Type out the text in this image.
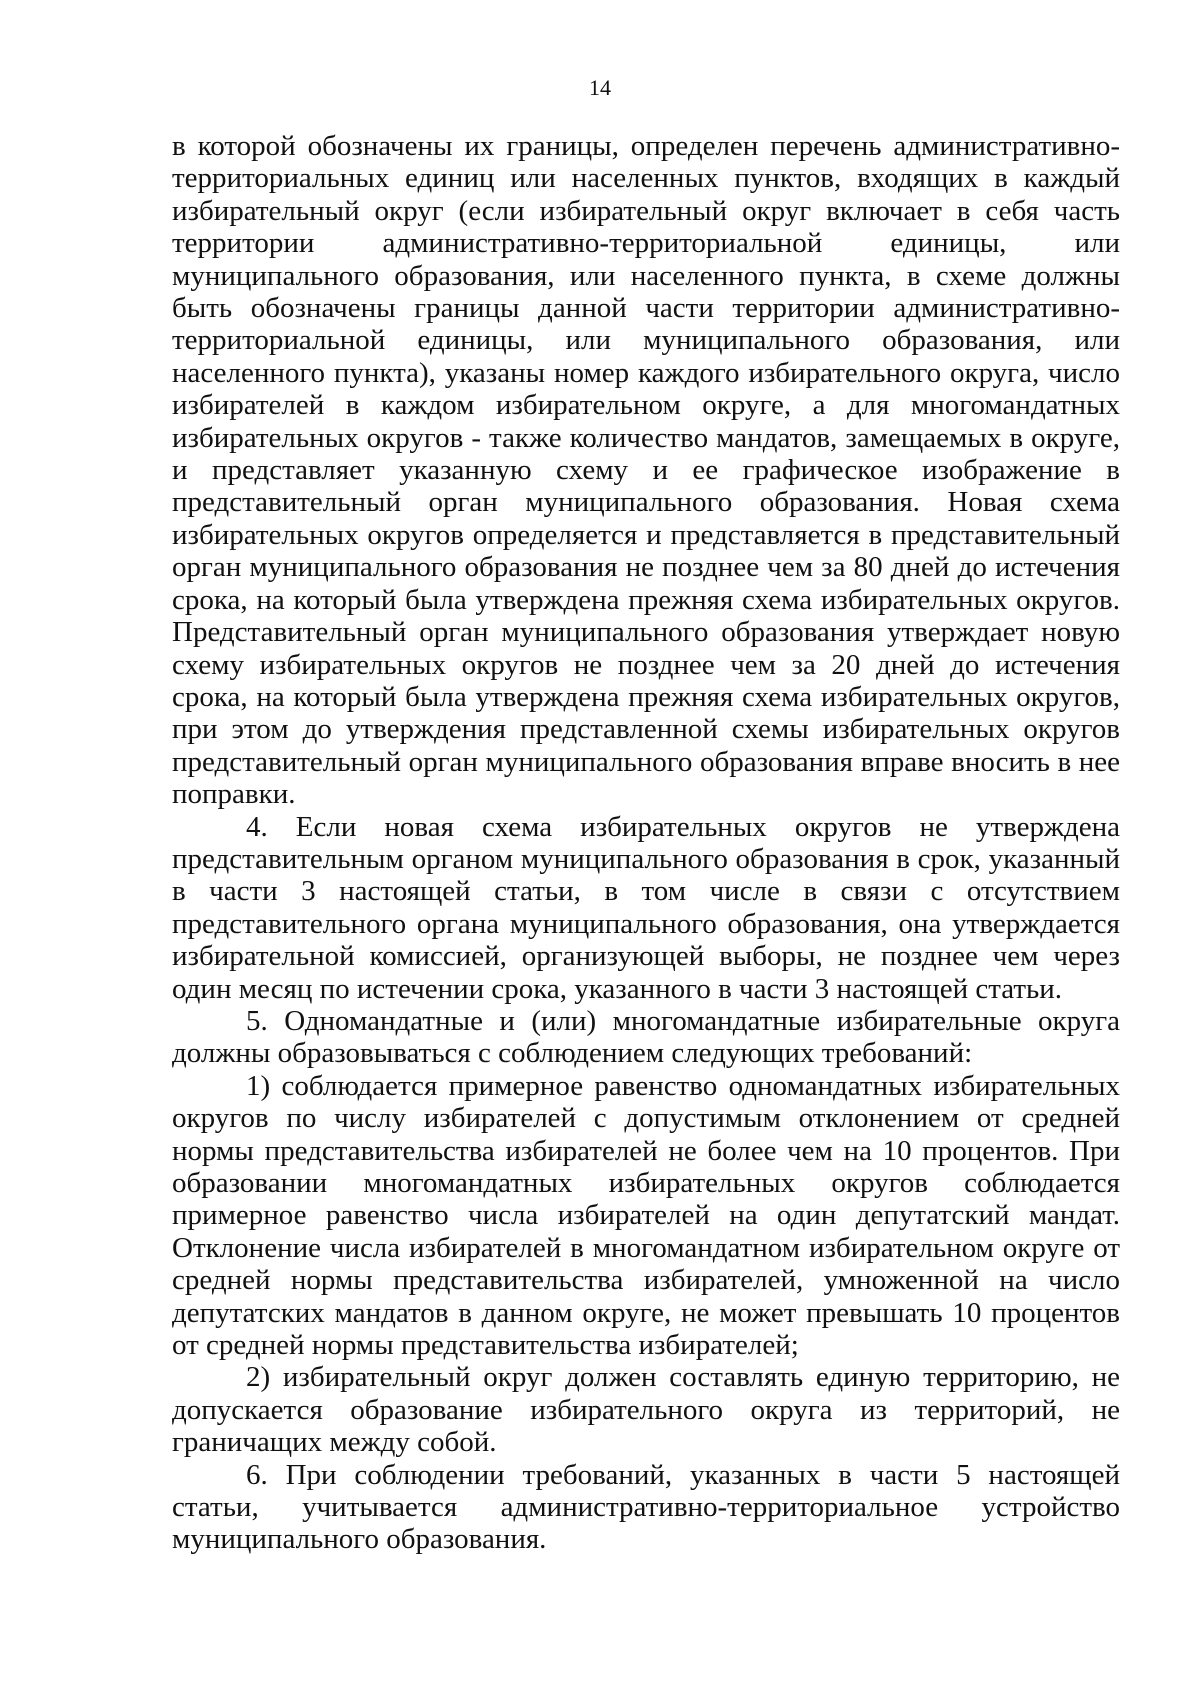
14

в которой обозначены их границы, определен перечень административно-территориальных единиц или населенных пунктов, входящих в каждый избирательный округ (если избирательный округ включает в себя часть территории административно-территориальной единицы, или муниципального образования, или населенного пункта, в схеме должны быть обозначены границы данной части территории административно-территориальной единицы, или муниципального образования, или населенного пункта), указаны номер каждого избирательного округа, число избирателей в каждом избирательном округе, а для многомандатных избирательных округов - также количество мандатов, замещаемых в округе, и представляет указанную схему и ее графическое изображение в представительный орган муниципального образования. Новая схема избирательных округов определяется и представляется в представительный орган муниципального образования не позднее чем за 80 дней до истечения срока, на который была утверждена прежняя схема избирательных округов. Представительный орган муниципального образования утверждает новую схему избирательных округов не позднее чем за 20 дней до истечения срока, на который была утверждена прежняя схема избирательных округов, при этом до утверждения представленной схемы избирательных округов представительный орган муниципального образования вправе вносить в нее поправки.

4. Если новая схема избирательных округов не утверждена представительным органом муниципального образования в срок, указанный в части 3 настоящей статьи, в том числе в связи с отсутствием представительного органа муниципального образования, она утверждается избирательной комиссией, организующей выборы, не позднее чем через один месяц по истечении срока, указанного в части 3 настоящей статьи.

5. Одномандатные и (или) многомандатные избирательные округа должны образовываться с соблюдением следующих требований:

1) соблюдается примерное равенство одномандатных избирательных округов по числу избирателей с допустимым отклонением от средней нормы представительства избирателей не более чем на 10 процентов. При образовании многомандатных избирательных округов соблюдается примерное равенство числа избирателей на один депутатский мандат. Отклонение числа избирателей в многомандатном избирательном округе от средней нормы представительства избирателей, умноженной на число депутатских мандатов в данном округе, не может превышать 10 процентов от средней нормы представительства избирателей;

2) избирательный округ должен составлять единую территорию, не допускается образование избирательного округа из территорий, не граничащих между собой.

6. При соблюдении требований, указанных в части 5 настоящей статьи, учитывается административно-территориальное устройство муниципального образования.
